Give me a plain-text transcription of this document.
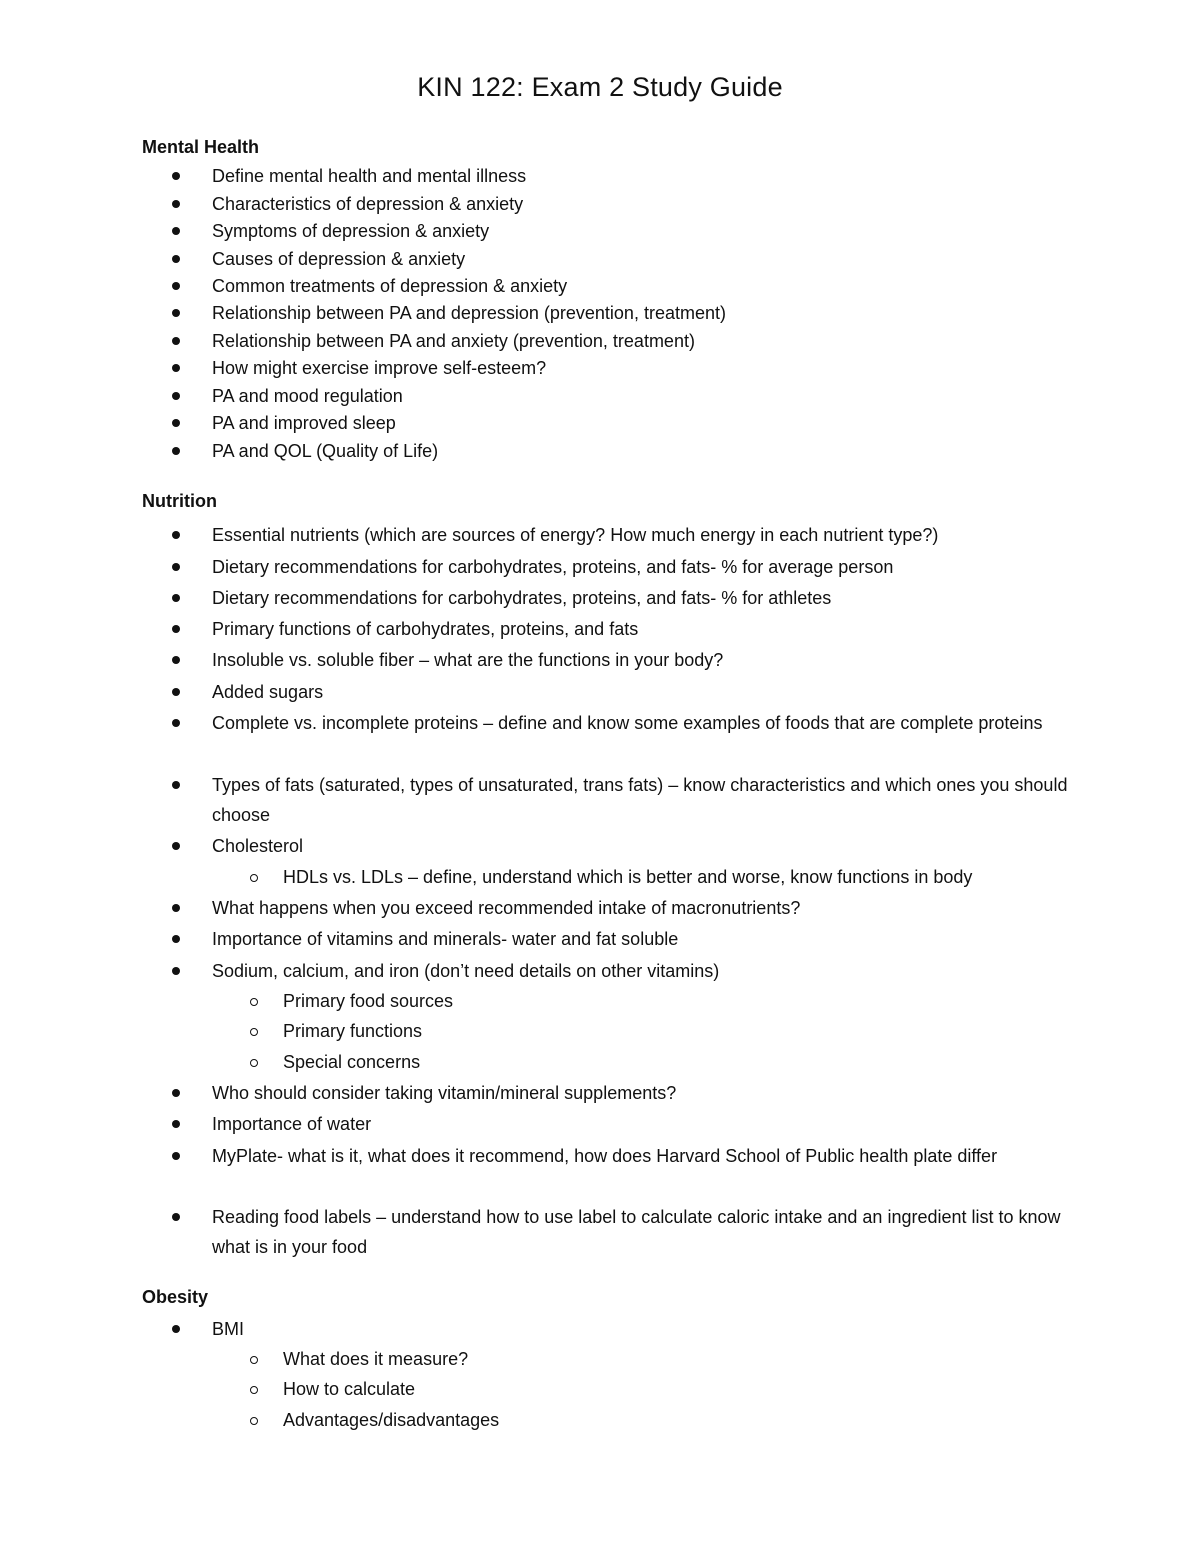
KIN 122: Exam 2 Study Guide
Mental Health
Define mental health and mental illness
Characteristics of depression & anxiety
Symptoms of depression & anxiety
Causes of depression & anxiety
Common treatments of depression & anxiety
Relationship between PA and depression (prevention, treatment)
Relationship between PA and anxiety (prevention, treatment)
How might exercise improve self-esteem?
PA and mood regulation
PA and improved sleep
PA and QOL (Quality of Life)
Nutrition
Essential nutrients (which are sources of energy? How much energy in each nutrient type?)
Dietary recommendations for carbohydrates, proteins, and fats- % for average person
Dietary recommendations for carbohydrates, proteins, and fats- % for athletes
Primary functions of carbohydrates, proteins, and fats
Insoluble vs. soluble fiber – what are the functions in your body?
Added sugars
Complete vs. incomplete proteins – define and know some examples of foods that are complete proteins
Types of fats (saturated, types of unsaturated, trans fats) – know characteristics and which ones you should choose
Cholesterol
HDLs vs. LDLs – define, understand which is better and worse, know functions in body
What happens when you exceed recommended intake of macronutrients?
Importance of vitamins and minerals- water and fat soluble
Sodium, calcium, and iron (don’t need details on other vitamins)
Primary food sources
Primary functions
Special concerns
Who should consider taking vitamin/mineral supplements?
Importance of water
MyPlate- what is it, what does it recommend, how does Harvard School of Public health plate differ
Reading food labels – understand how to use label to calculate caloric intake and an ingredient list to know what is in your food
Obesity
BMI
What does it measure?
How to calculate
Advantages/disadvantages
